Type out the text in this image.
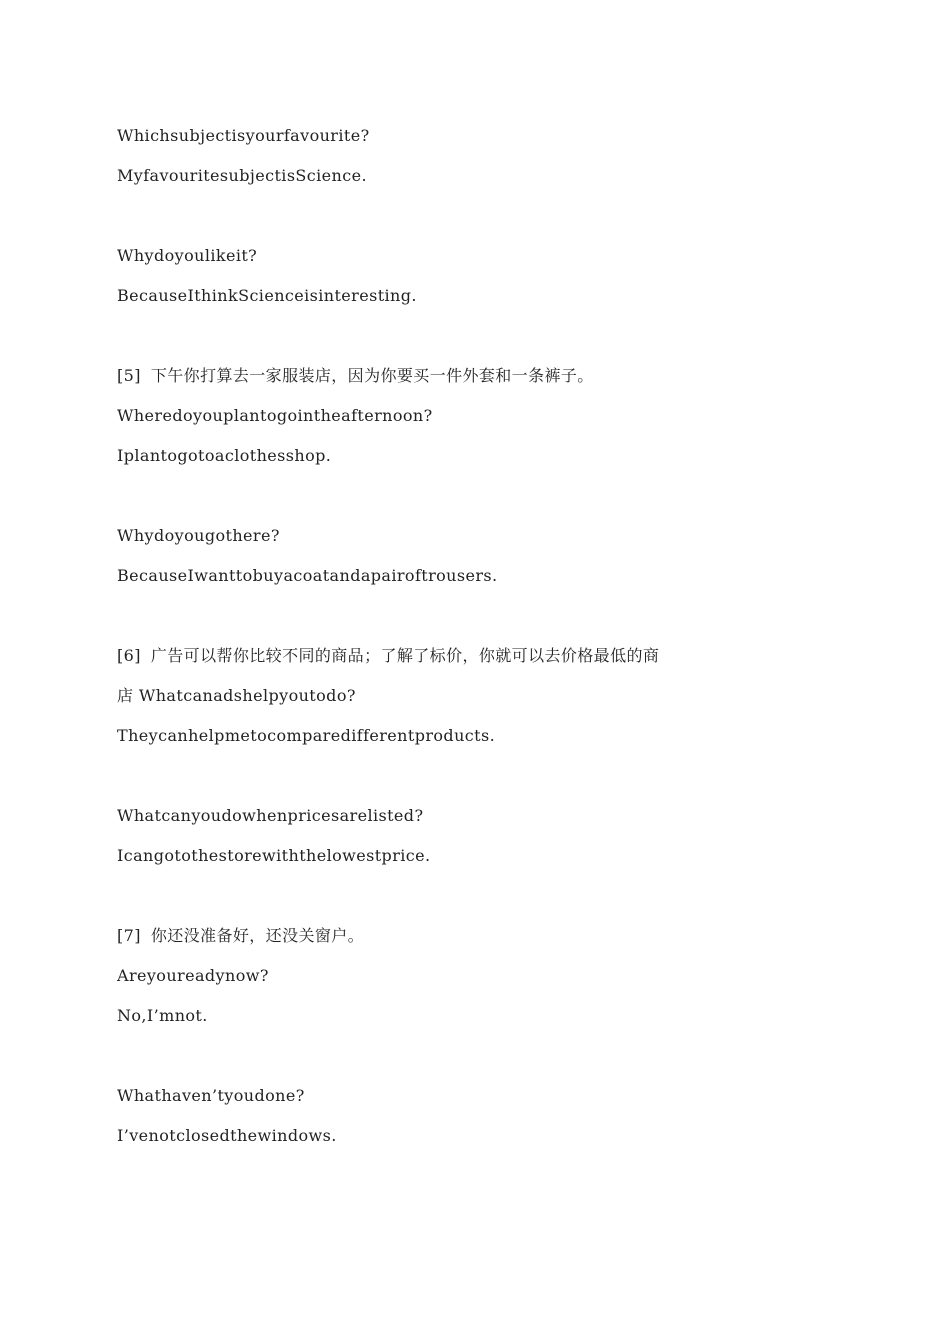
Whichsubjectisyourfavourite?
MyfavouritesubjectisScience.
Whydoyoulikeit?
BecauseIthinkScienceisinteresting.
[5] 下午你打算去一家服装店，因为你要买一件外套和一条裤子。
Wheredoyouplantogointheafternoon?
Iplantogotoaclothesshop.
Whydoyougothere?
BecauseIwanttobuyacoatandapairoftrousers.
[6] 广告可以帮你比较不同的商品；了解了标价，你就可以去价格最低的商
店 Whatcanadshelpyoutodo?
Theycanhelpmetocomparedifferentproducts.
Whatcanyoudowhenpricesarelisted?
Icangotothestorewiththelowestprice.
[7] 你还没准备好，还没关窗户。
Areyoureadynow?
No,I’mnot.
Whathaven’tyoudone?
I’venotclosedthewindows.
